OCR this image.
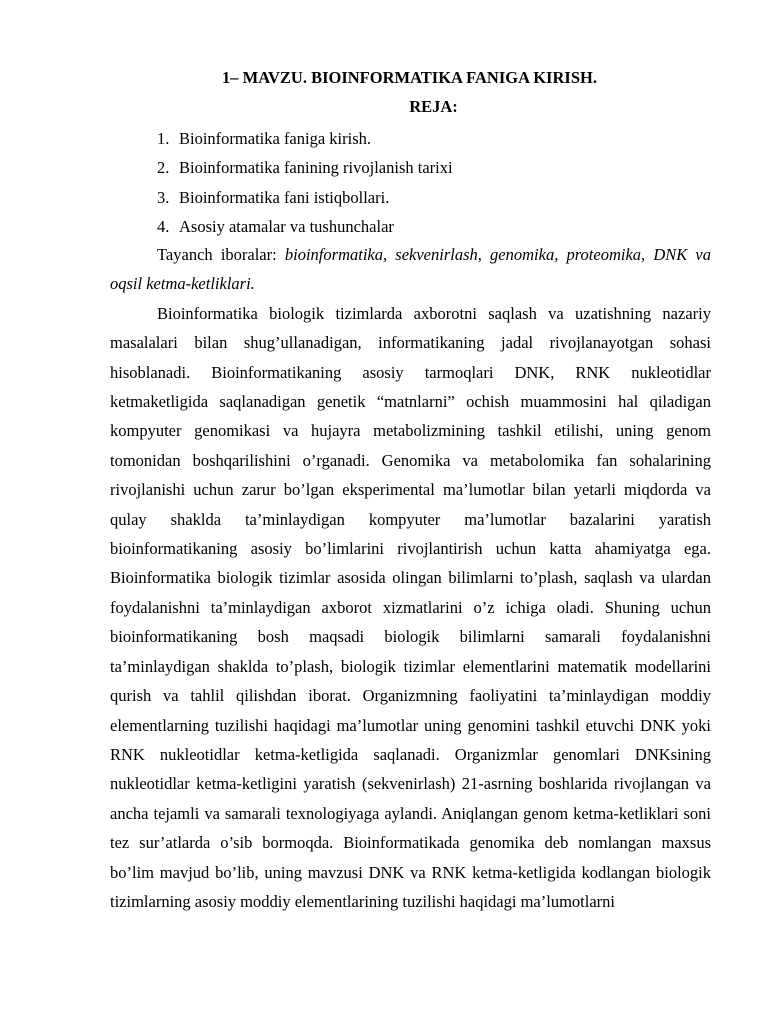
1– MAVZU. BIOINFORMATIKA FANIGA KIRISH.
REJA:
1. Bioinformatika faniga kirish.
2. Bioinformatika fanining rivojlanish tarixi
3. Bioinformatika fani istiqbollari.
4. Asosiy atamalar va tushunchalar

Tayanch iboralar: bioinformatika, sekvenirlash, genomika, proteomika, DNK va oqsil ketma-ketliklari.

Bioinformatika biologik tizimlarda axborotni saqlash va uzatishning nazariy masalalari bilan shug’ullanadigan, informatikaning jadal rivojlanayotgan sohasi hisoblanadi. Bioinformatikaning asosiy tarmoqlari DNK, RNK nukleotidlar ketmaketligida saqlanadigan genetik “matnlarni” ochish muammosini hal qiladigan kompyuter genomikasi va hujayra metabolizmining tashkil etilishi, uning genom tomonidan boshqarilishini o’rganadi. Genomika va metabolomika fan sohalarining rivojlanishi uchun zarur bo’lgan eksperimental ma’lumotlar bilan yetarli miqdorda va qulay shaklda ta’minlaydigan kompyuter ma’lumotlar bazalarini yaratish bioinformatikaning asosiy bo’limlarini rivojlantirish uchun katta ahamiyatga ega. Bioinformatika biologik tizimlar asosida olingan bilimlarni to’plash, saqlash va ulardan foydalanishni ta’minlaydigan axborot xizmatlarini o’z ichiga oladi. Shuning uchun bioinformatikaning bosh maqsadi biologik bilimlarni samarali foydalanishni ta’minlaydigan shaklda to’plash, biologik tizimlar elementlarini matematik modellarini qurish va tahlil qilishdan iborat. Organizmning faoliyatini ta’minlaydigan moddiy elementlarning tuzilishi haqidagi ma’lumotlar uning genomini tashkil etuvchi DNK yoki RNK nukleotidlar ketma-ketligida saqlanadi. Organizmlar genomlari DNKsining nukleotidlar ketma-ketligini yaratish (sekvenirlash) 21-asrning boshlarida rivojlangan va ancha tejamli va samarali texnologiyaga aylandi. Aniqlangan genom ketma-ketliklari soni tez sur’atlarda o’sib bormoqda. Bioinformatikada genomika deb nomlangan maxsus bo’lim mavjud bo’lib, uning mavzusi DNK va RNK ketma-ketligida kodlangan biologik tizimlarning asosiy moddiy elementlarining tuzilishi haqidagi ma’lumotlarni
